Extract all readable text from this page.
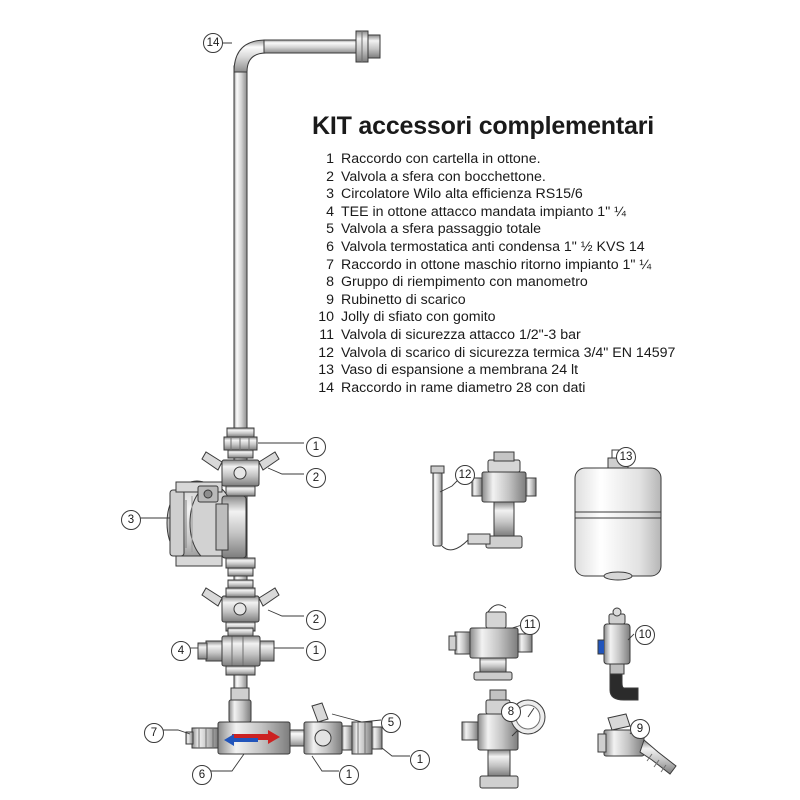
KIT accessori complementari
1 Raccordo con cartella in ottone.
2 Valvola a sfera con bocchettone.
3 Circolatore Wilo alta efficienza RS15/6
4 TEE in ottone attacco mandata impianto 1" ¼
5 Valvola a sfera passaggio totale
6 Valvola termostatica anti condensa 1" ½ KVS 14
7 Raccordo in ottone maschio ritorno impianto 1" ¼
8 Gruppo di riempimento con manometro
9 Rubinetto di scarico
10 Jolly di sfiato con gomito
11 Valvola di sicurezza attacco 1/2"-3 bar
12 Valvola di scarico di sicurezza termica 3/4" EN 14597
13 Vaso di espansione a membrana 24 lt
14 Raccordo in rame diametro 28 con dati
14
1
2
3
2
4	1
7
5
1
6	1
12
13
11
10
8
9
